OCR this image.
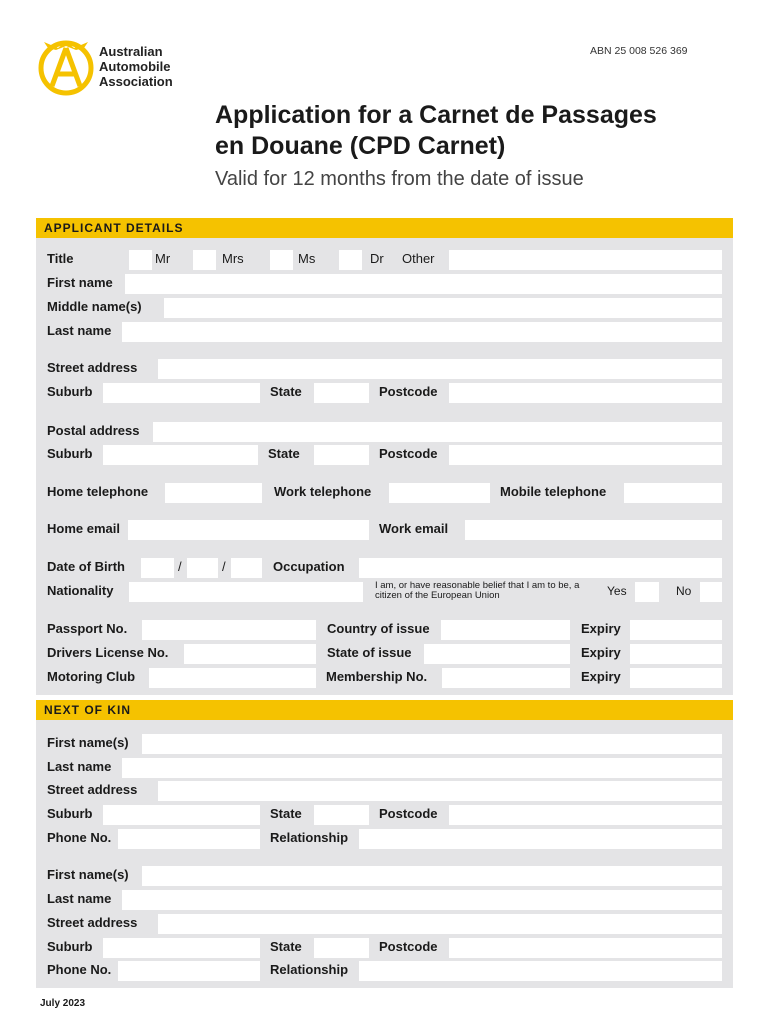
Australian
Automobile
Association
ABN 25 008 526 369
Application for a Carnet de Passages
en Douane (CPD Carnet)
Valid for 12 months from the date of issue
APPLICANT DETAILS
Title	Mr	Mrs	Ms	Dr Other
First name
Middle name(s)
Last name
Street address
Suburb	State	Postcode
Postal address
Suburb	State	Postcode
Home telephone	Work telephone	Mobile telephone
Home email	Work email
Date of Birth	/	/	Occupation
Nationality	I am, or have reasonable belief that I am to be, a citizen of the European Union	Yes	No
Passport No.	Country of issue	Expiry
Drivers License No.	State of issue	Expiry
Motoring Club	Membership No.	Expiry
NEXT OF KIN
First name(s)
Last name
Street address
Suburb	State	Postcode
Phone No.	Relationship
First name(s)
Last name
Street address
Suburb	State	Postcode
Phone No.	Relationship
July 2023
